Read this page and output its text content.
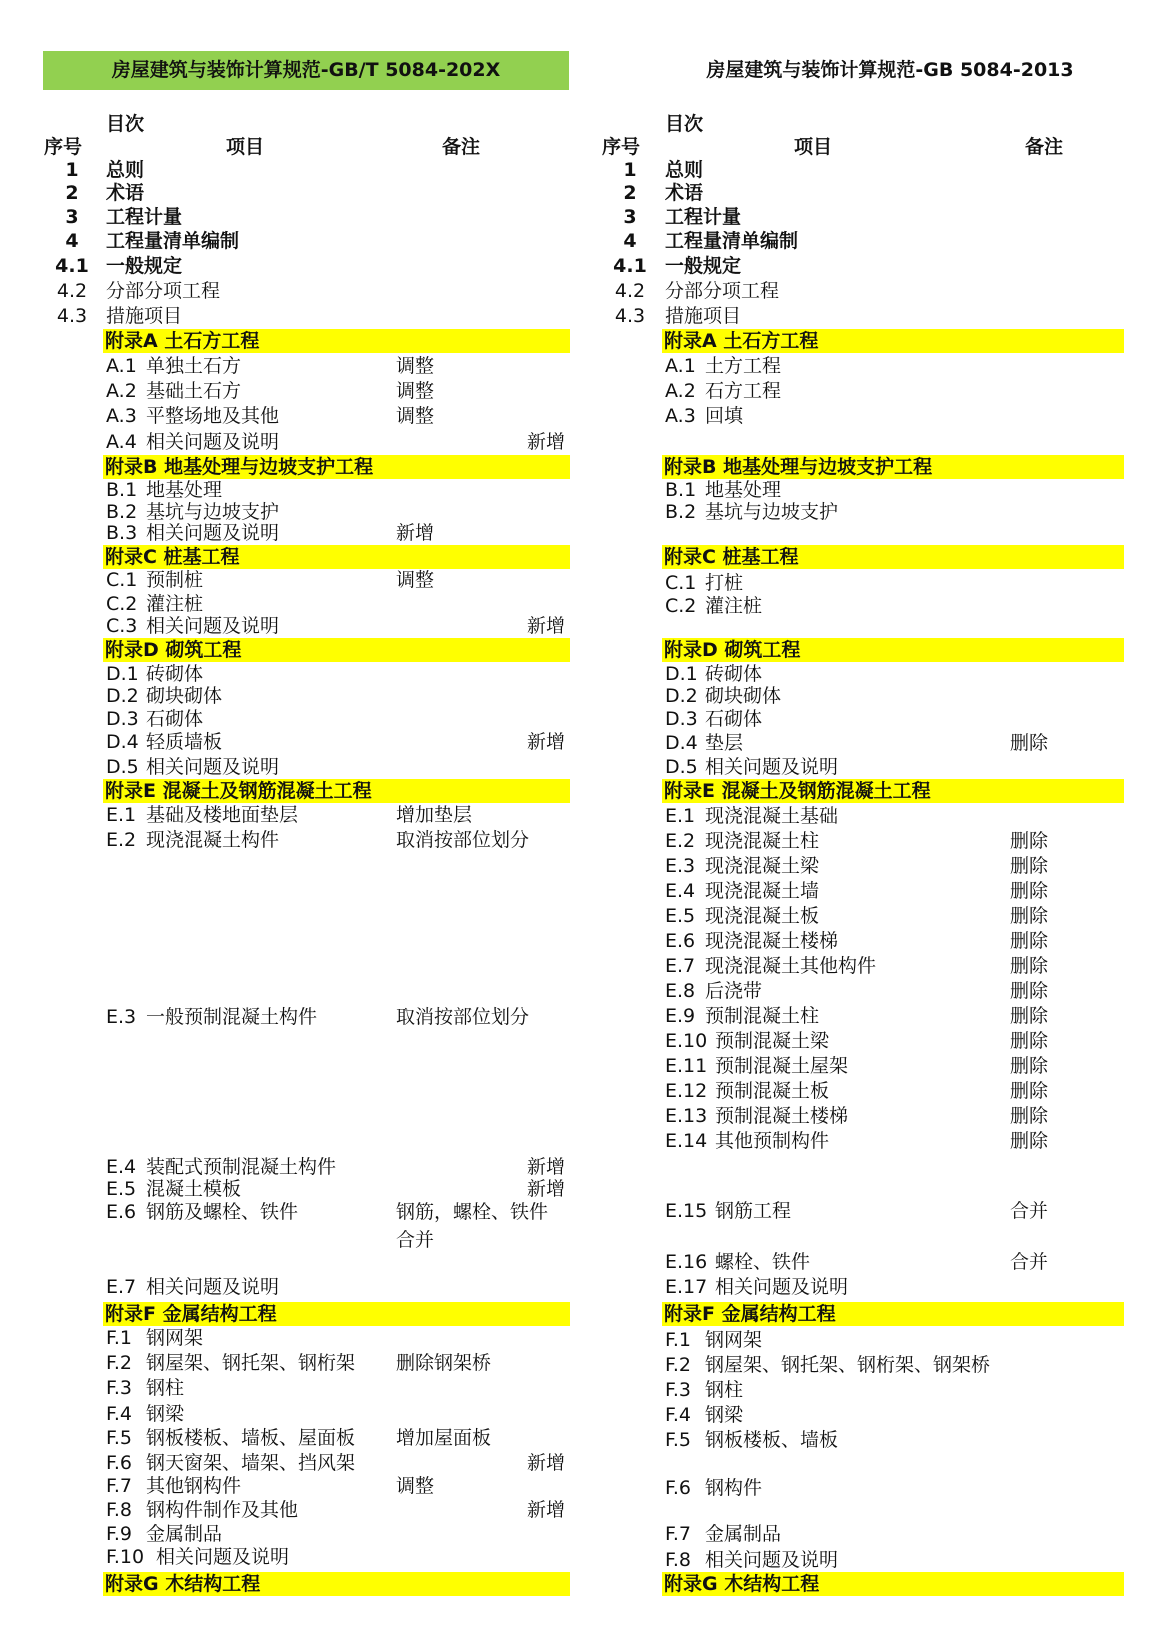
房屋建筑与装饰计算规范-GB/T 5084-202X	房屋建筑与装饰计算规范-GB 5084-2013
目次
序号	项目	备注
1	总则
2	术语
3	工程计量
4	工程量清单编制
4.1 一般规定
4.2 分部分项工程
4.3 措施项目
附录A 土石方工程
A.1 单独土石方	调整
A.2 基础土石方	调整
A.3 平整场地及其他	调整
A.4 相关问题及说明	新增
附录B 地基处理与边坡支护工程
B.1 地基处理
B.2 基坑与边坡支护
B.3 相关问题及说明	新增
附录C 桩基工程
C.1 预制桩	调整
C.2 灌注桩
C.3 相关问题及说明	新增
附录D 砌筑工程
D.1 砖砌体
D.2 砌块砌体
D.3 石砌体
D.4 轻质墙板	新增
D.5 相关问题及说明
附录E 混凝土及钢筋混凝土工程
E.1 基础及楼地面垫层	增加垫层
E.2 现浇混凝土构件	取消按部位划分
E.3 一般预制混凝土构件	取消按部位划分
E.4 装配式预制混凝土构件	新增
E.5 混凝土模板	新增
E.6 钢筋及螺栓、铁件	钢筋，螺栓、铁件
合并
E.7 相关问题及说明
附录F 金属结构工程
F.1 钢网架
F.2 钢屋架、钢托架、钢桁架	删除钢架桥
F.3 钢柱
F.4 钢梁
F.5 钢板楼板、墙板、屋面板	增加屋面板
F.6 钢天窗架、墙架、挡风架	新增
F.7 其他钢构件	调整
F.8 钢构件制作及其他	新增
F.9 金属制品
F.10 相关问题及说明
附录G 木结构工程
目次
序号	项目	备注
1	总则
2	术语
3	工程计量
4	工程量清单编制
4.1 一般规定
4.2	分部分项工程
4.3	措施项目
附录A 土石方工程
A.1 土方工程
A.2 石方工程
A.3 回填
附录B 地基处理与边坡支护工程
B.1 地基处理
B.2 基坑与边坡支护
附录C 桩基工程
C.1 打桩
C.2 灌注桩
附录D 砌筑工程
D.1 砖砌体
D.2 砌块砌体
D.3 石砌体
D.4 垫层	删除
D.5 相关问题及说明
附录E 混凝土及钢筋混凝土工程
E.1 现浇混凝土基础
E.2 现浇混凝土柱	删除
E.3 现浇混凝土梁	删除
E.4 现浇混凝土墙	删除
E.5 现浇混凝土板	删除
E.6 现浇混凝土楼梯	删除
E.7 现浇混凝土其他构件	删除
E.8 后浇带	删除
E.9 预制混凝土柱	删除
E.10 预制混凝土梁	删除
E.11 预制混凝土屋架	删除
E.12 预制混凝土板	删除
E.13 预制混凝土楼梯	删除
E.14 其他预制构件	删除
E.15 钢筋工程	合并
E.16 螺栓、铁件	合并
E.17 相关问题及说明
附录F 金属结构工程
F.1 钢网架
F.2 钢屋架、钢托架、钢桁架、钢架桥
F.3 钢柱
F.4 钢梁
F.5 钢板楼板、墙板
F.6 钢构件
F.7 金属制品
F.8 相关问题及说明
附录G 木结构工程
